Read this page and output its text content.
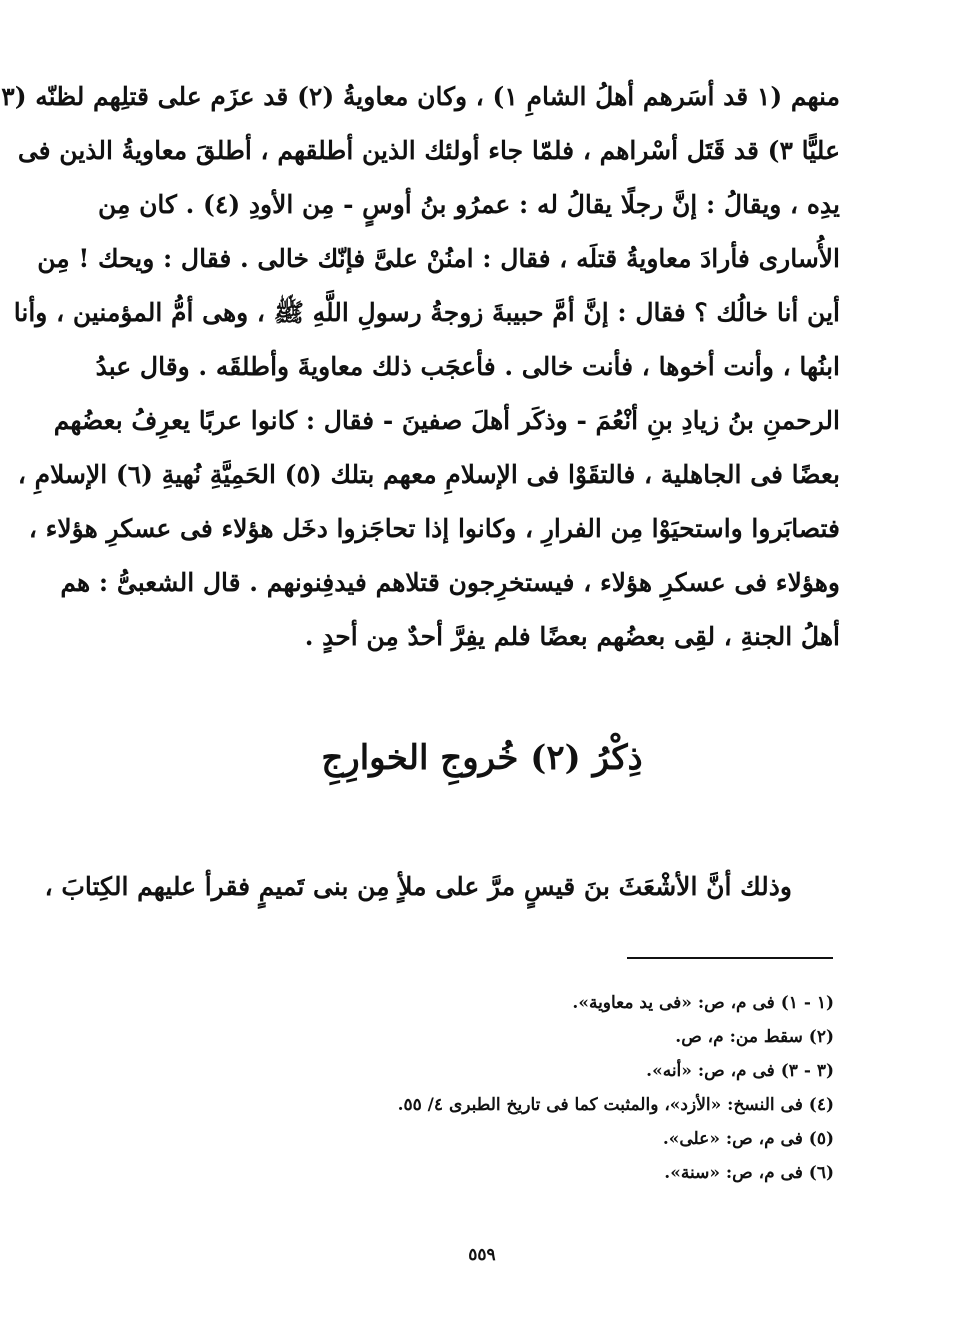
منهم (١ قد أسَرهم أهلُ الشامِ ١) ، وكان معاويةُ (٢) قد عزَم على قتلِهم لظنّه (٣
عليًّا ٣) قد قَتَل أسْراهم ، فلمّا جاء أولئك الذين أطلقهم ، أطلقَ معاويةُ الذين فى
يدِه ، ويقالُ : إنَّ رجلًا يقالُ له : عمرُو بنُ أوسٍ - مِن الأودِ (٤) . كان مِن
الأُسارى فأرادَ معاويةُ قتلَه ، فقال : امنُنْ علىَّ فإنّك خالى . فقال : ويحك ! مِن
أين أنا خالُك ؟ فقال : إنَّ أمَّ حبيبةَ زوجةُ رسولِ اللَّهِ ﷺ ، وهى أمُّ المؤمنين ، وأنا
ابنُها ، وأنت أخوها ، فأنت خالى . فأعجَب ذلك معاويةَ وأطلقَه . وقال عبدُ
الرحمنِ بنُ زيادِ بنِ أنْعُمَ - وذكَر أهلَ صفينَ - فقال : كانوا عربًا يعرِفُ بعضُهم
بعضًا فى الجاهلية ، فالتقَوْا فى الإسلامِ معهم بتلك (٥) الحَمِيَّةِ نُهيةِ (٦) الإسلامِ ،
فتصابَروا واستحيَوْا مِن الفرارِ ، وكانوا إذا تحاجَزوا دخَل هؤلاء فى عسكرِ هؤلاء ،
وهؤلاء فى عسكرِ هؤلاء ، فيستخرِجون قتلاهم فيدفِنونهم . قال الشعبىُّ : هم
أهلُ الجنةِ ، لقِى بعضُهم بعضًا فلم يفِرَّ أحدٌ مِن أحدٍ .
ذِكْرُ (٢) خُروجِ الخوارِجِ
وذلك أنَّ الأشْعَثَ بنَ قيسٍ مرَّ على ملأٍ مِن بنى تَميمٍ فقرأ عليهم الكِتابَ ،
(١ - ١) فى م، ص: «فى يد معاوية».
(٢) سقط من: م، ص.
(٣ - ٣) فى م، ص: «أنه».
(٤) فى النسخ: «الأزد»، والمثبت كما فى تاريخ الطبرى ٤/ ٥٥.
(٥) فى م، ص: «على».
(٦) فى م، ص: «سنة».
٥٥٩
